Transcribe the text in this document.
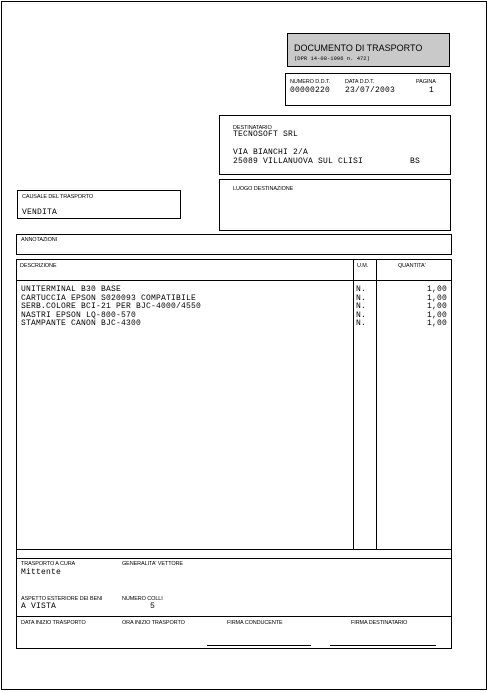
DOCUMENTO DI TRASPORTO
(DPR 14-08-1996 n. 472)
NUMERO D.D.T.
00000220
DATA D.D.T.
23/07/2003
PAGINA
1
DESTINATARIO
TECNOSOFT SRL
VIA BIANCHI 2/A
25089 VILLANUOVA SUL CLISI	BS
CAUSALE DEL TRASPORTO
VENDITA
LUOGO DESTINAZIONE
ANNOTAZIONI
DESCRIZIONE	U.M.	QUANTITA'
UNITERMINAL B30 BASE	N.	1,00
CARTUCCIA EPSON S020093 COMPATIBILE	N.	1,00
SERB.COLORE BCI-21 PER BJC-4000/4550	N.	1,00
NASTRI EPSON LQ-800-570	N.	1,00
STAMPANTE CANON BJC-4300	N.	1,00
TRASPORTO A CURA
Mittente
GENERALITA' VETTORE
ASPETTO ESTERIORE DEI BENI
A VISTA
NUMERO COLLI
5
DATA INIZIO TRASPORTO	ORA INIZIO TRASPORTO	FIRMA CONDUCENTE	FIRMA DESTINATARIO
